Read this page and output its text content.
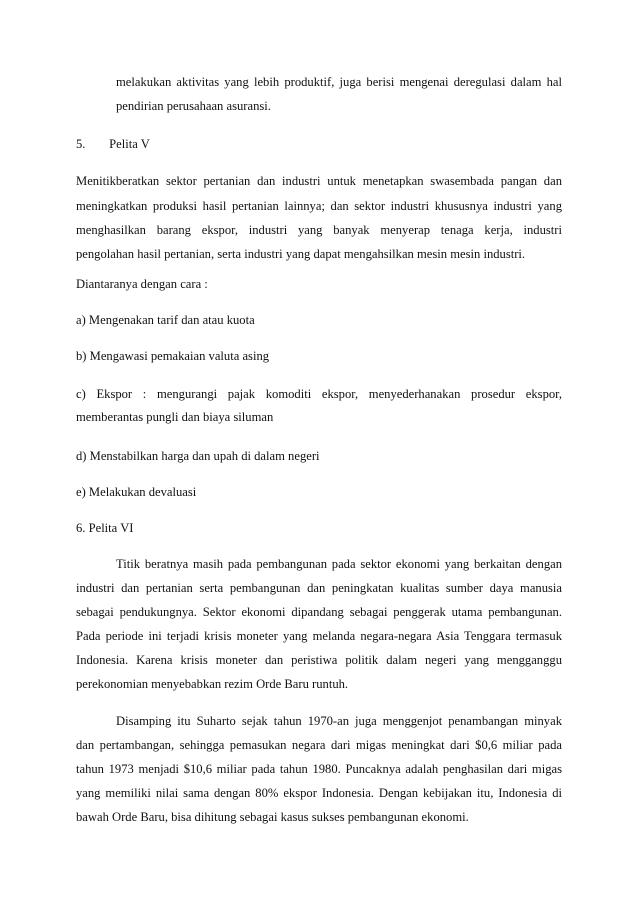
melakukan aktivitas yang lebih produktif, juga berisi mengenai deregulasi dalam hal
pendirian perusahaan asuransi.
5. Pelita V
Menitikberatkan sektor pertanian dan industri untuk menetapkan swasembada pangan dan
meningkatkan produksi hasil pertanian lainnya; dan sektor industri khususnya industri yang
menghasilkan barang ekspor, industri yang banyak menyerap tenaga kerja, industri
pengolahan hasil pertanian, serta industri yang dapat mengahsilkan mesin mesin industri.
Diantaranya dengan cara :
a) Mengenakan tarif dan atau kuota
b) Mengawasi pemakaian valuta asing
c) Ekspor : mengurangi pajak komoditi ekspor, menyederhanakan prosedur ekspor,
memberantas pungli dan biaya siluman
d) Menstabilkan harga dan upah di dalam negeri
e) Melakukan devaluasi
6. Pelita VI
Titik beratnya masih pada pembangunan pada sektor ekonomi yang berkaitan dengan
industri dan pertanian serta pembangunan dan peningkatan kualitas sumber daya manusia
sebagai pendukungnya. Sektor ekonomi dipandang sebagai penggerak utama pembangunan.
Pada periode ini terjadi krisis moneter yang melanda negara-negara Asia Tenggara termasuk
Indonesia. Karena krisis moneter dan peristiwa politik dalam negeri yang mengganggu
perekonomian menyebabkan rezim Orde Baru runtuh.
Disamping itu Suharto sejak tahun 1970-an juga menggenjot penambangan minyak
dan pertambangan, sehingga pemasukan negara dari migas meningkat dari $0,6 miliar pada
tahun 1973 menjadi $10,6 miliar pada tahun 1980. Puncaknya adalah penghasilan dari migas
yang memiliki nilai sama dengan 80% ekspor Indonesia. Dengan kebijakan itu, Indonesia di
bawah Orde Baru, bisa dihitung sebagai kasus sukses pembangunan ekonomi.
